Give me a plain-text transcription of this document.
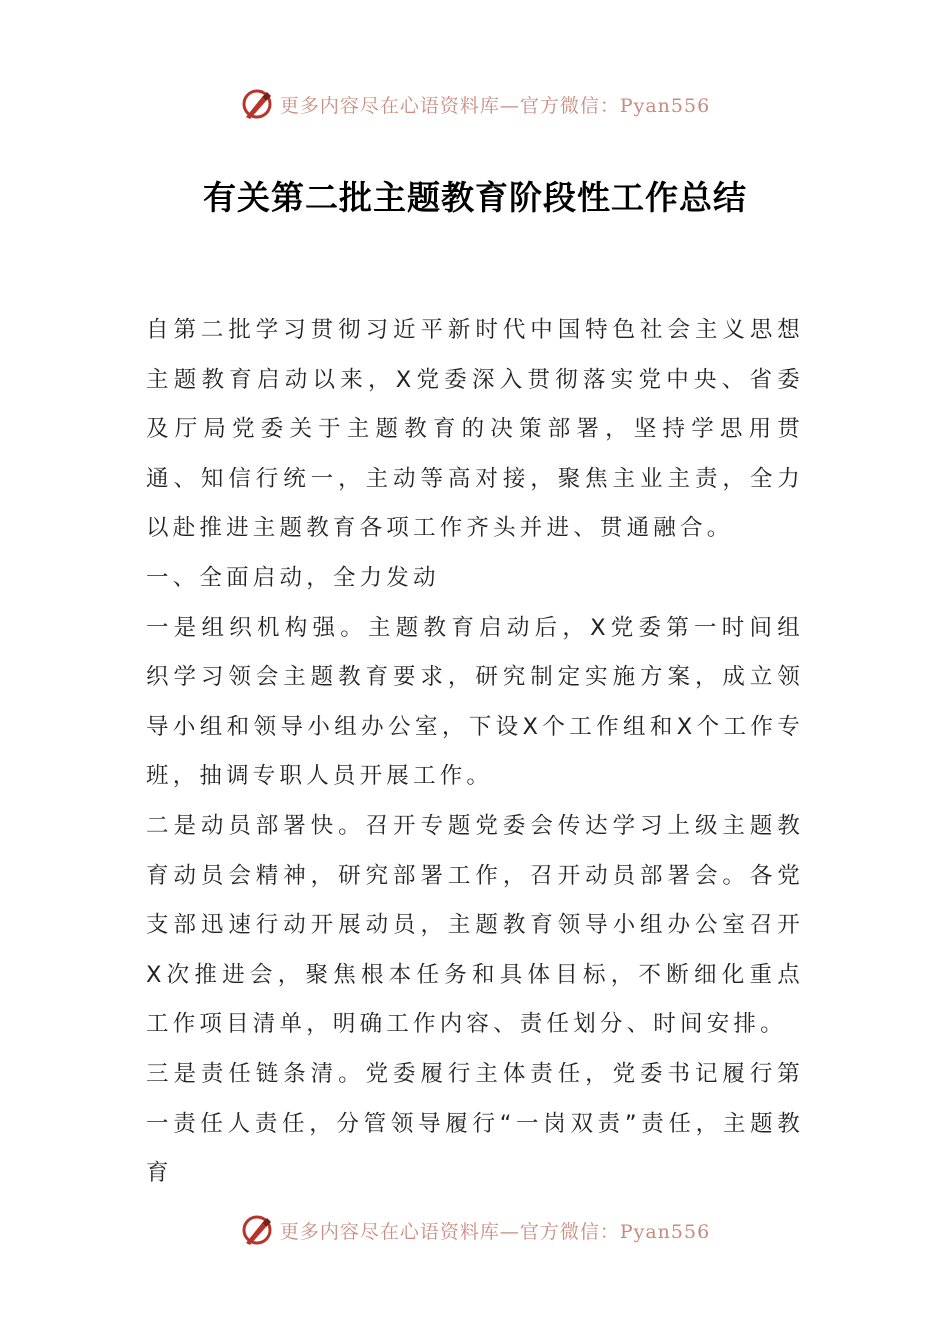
更多内容尽在心语资料库—官方微信：Pyan556
有关第二批主题教育阶段性工作总结

自第二批学习贯彻习近平新时代中国特色社会主义思想主题教育启动以来，X党委深入贯彻落实党中央、省委及厅局党委关于主题教育的决策部署，坚持学思用贯通、知信行统一，主动等高对接，聚焦主业主责，全力以赴推进主题教育各项工作齐头并进、贯通融合。

一、全面启动，全力发动

一是组织机构强。主题教育启动后，X党委第一时间组织学习领会主题教育要求，研究制定实施方案，成立领导小组和领导小组办公室，下设X个工作组和X个工作专班，抽调专职人员开展工作。

二是动员部署快。召开专题党委会传达学习上级主题教育动员会精神，研究部署工作，召开动员部署会。各党支部迅速行动开展动员，主题教育领导小组办公室召开X次推进会，聚焦根本任务和具体目标，不断细化重点工作项目清单，明确工作内容、责任划分、时间安排。

三是责任链条清。党委履行主体责任，党委书记履行第一责任人责任，分管领导履行“一岗双责”责任，主题教育

更多内容尽在心语资料库—官方微信：Pyan556
